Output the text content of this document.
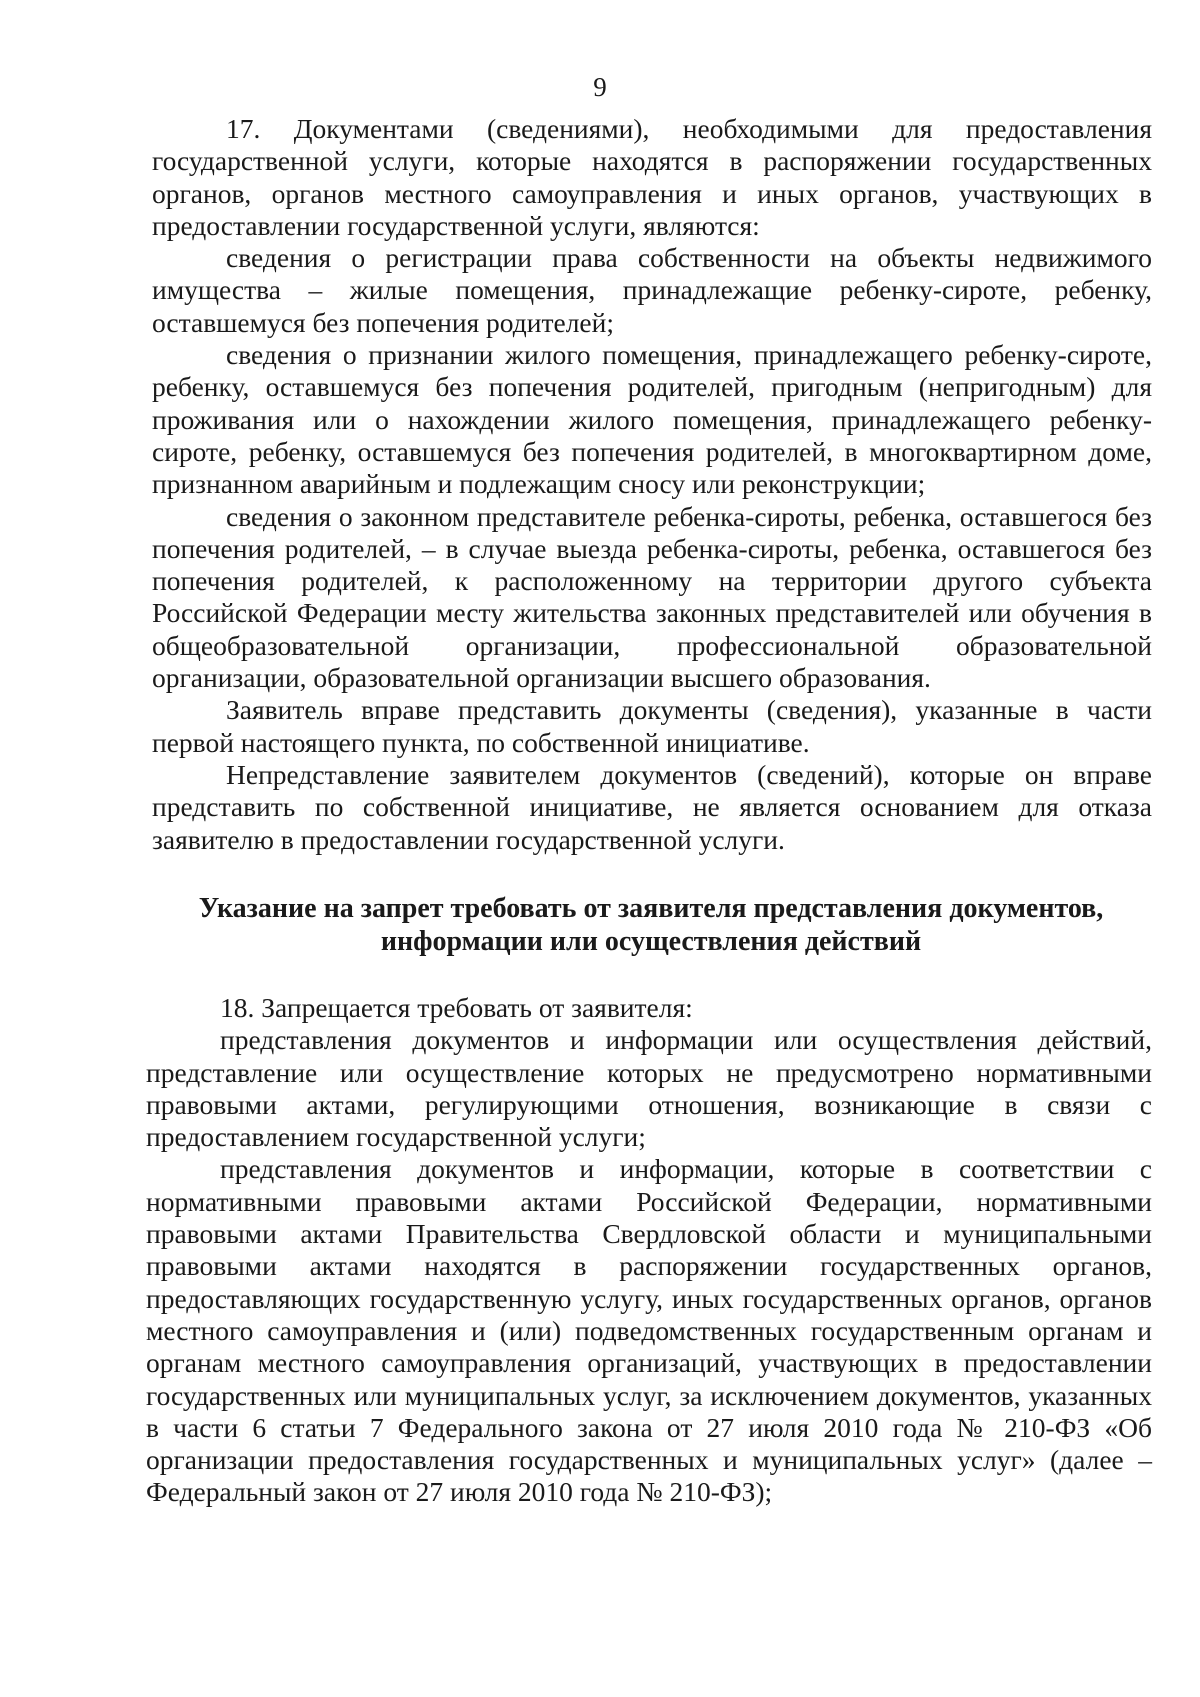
9

17. Документами (сведениями), необходимыми для предоставления государственной услуги, которые находятся в распоряжении государственных органов, органов местного самоуправления и иных органов, участвующих в предоставлении государственной услуги, являются:

сведения о регистрации права собственности на объекты недвижимого имущества – жилые помещения, принадлежащие ребенку-сироте, ребенку, оставшемуся без попечения родителей;

сведения о признании жилого помещения, принадлежащего ребенку-сироте, ребенку, оставшемуся без попечения родителей, пригодным (непригодным) для проживания или о нахождении жилого помещения, принадлежащего ребенку-сироте, ребенку, оставшемуся без попечения родителей, в многоквартирном доме, признанном аварийным и подлежащим сносу или реконструкции;

сведения о законном представителе ребенка-сироты, ребенка, оставшегося без попечения родителей, – в случае выезда ребенка-сироты, ребенка, оставшегося без попечения родителей, к расположенному на территории другого субъекта Российской Федерации месту жительства законных представителей или обучения в общеобразовательной организации, профессиональной образовательной организации, образовательной организации высшего образования.

Заявитель вправе представить документы (сведения), указанные в части первой настоящего пункта, по собственной инициативе.

Непредставление заявителем документов (сведений), которые он вправе представить по собственной инициативе, не является основанием для отказа заявителю в предоставлении государственной услуги.

Указание на запрет требовать от заявителя представления документов,
информации или осуществления действий

18. Запрещается требовать от заявителя:

представления документов и информации или осуществления действий, представление или осуществление которых не предусмотрено нормативными правовыми актами, регулирующими отношения, возникающие в связи с предоставлением государственной услуги;

представления документов и информации, которые в соответствии с нормативными правовыми актами Российской Федерации, нормативными правовыми актами Правительства Свердловской области и муниципальными правовыми актами находятся в распоряжении государственных органов, предоставляющих государственную услугу, иных государственных органов, органов местного самоуправления и (или) подведомственных государственным органам и органам местного самоуправления организаций, участвующих в предоставлении государственных или муниципальных услуг, за исключением документов, указанных в части 6 статьи 7 Федерального закона от 27 июля 2010 года № 210-ФЗ «Об организации предоставления государственных и муниципальных услуг» (далее – Федеральный закон от 27 июля 2010 года № 210-ФЗ);
